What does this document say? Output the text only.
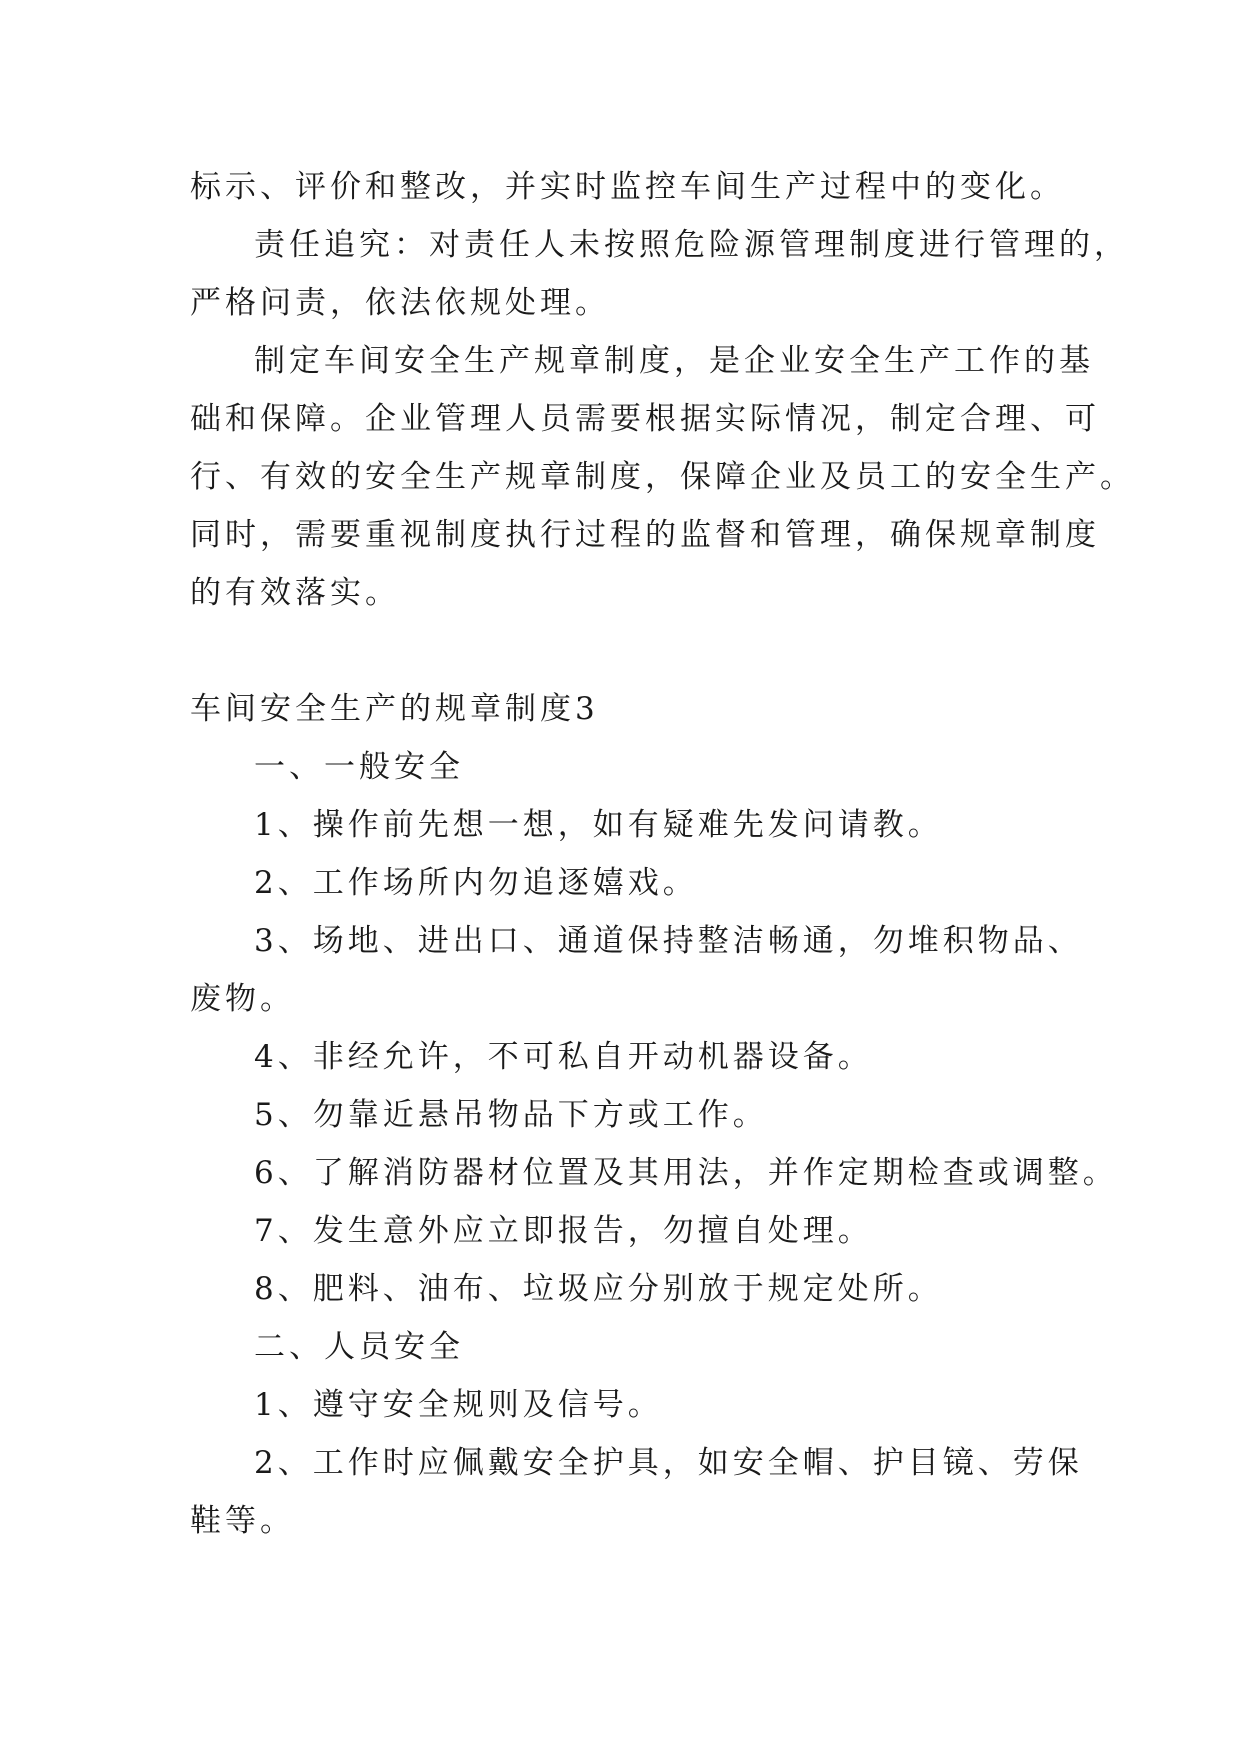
标示、评价和整改，并实时监控车间生产过程中的变化。
责任追究：对责任人未按照危险源管理制度进行管理的，
严格问责，依法依规处理。
制定车间安全生产规章制度，是企业安全生产工作的基
础和保障。企业管理人员需要根据实际情况，制定合理、可
行、有效的安全生产规章制度，保障企业及员工的安全生产。
同时，需要重视制度执行过程的监督和管理，确保规章制度
的有效落实。
车间安全生产的规章制度3
一、一般安全
1、操作前先想一想，如有疑难先发问请教。
2、工作场所内勿追逐嬉戏。
3、场地、进出口、通道保持整洁畅通，勿堆积物品、
废物。
4、非经允许，不可私自开动机器设备。
5、勿靠近悬吊物品下方或工作。
6、了解消防器材位置及其用法，并作定期检查或调整。
7、发生意外应立即报告，勿擅自处理。
8、肥料、油布、垃圾应分别放于规定处所。
二、人员安全
1、遵守安全规则及信号。
2、工作时应佩戴安全护具，如安全帽、护目镜、劳保
鞋等。
